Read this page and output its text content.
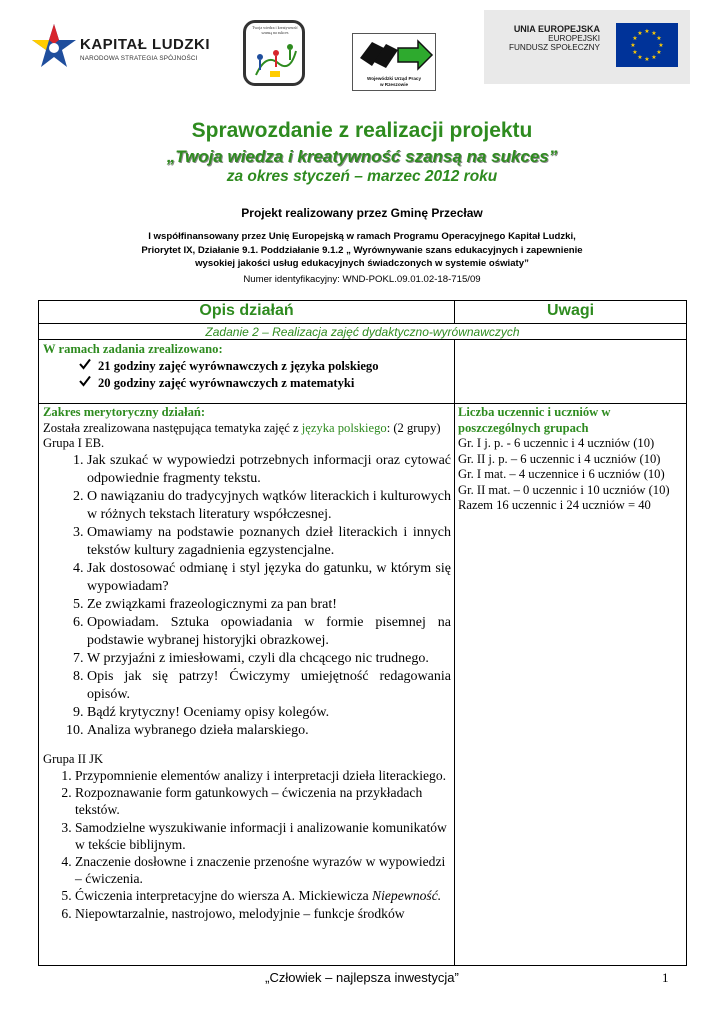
KAPITAŁ LUDZKI
NARODOWA STRATEGIA SPÓJNOŚCI
Twoja wiedza i kreatywność szansą na sukces
Wojewódzki Urząd Pracy
w Rzeszowie
UNIA EUROPEJSKA
EUROPEJSKI
FUNDUSZ SPOŁECZNY
★ ★
★
★
★
★
★
★
★
★
★
★
Sprawozdanie z realizacji projektu
„Twoja wiedza i kreatywność szansą na sukces”
za okres styczeń – marzec 2012 roku
Projekt realizowany przez Gminę Przecław
I współfinansowany przez Unię Europejską w ramach Programu Operacyjnego Kapitał Ludzki,
Priorytet IX, Działanie 9.1. Poddziałanie 9.1.2 „ Wyrównywanie szans edukacyjnych i zapewnienie
wysokiej jakości usług edukacyjnych świadczonych w systemie oświaty”
Numer identyfikacyjny: WND-POKL.09.01.02-18-715/09
Opis działań	Uwagi
Zadanie 2 – Realizacja zajęć dydaktyczno-wyrównawczych
W ramach zadania zrealizowano:
21 godziny zajęć wyrównawczych z języka polskiego
20 godziny zajęć wyrównawczych z matematyki
Zakres merytoryczny działań:
Została zrealizowana następująca tematyka zajęć z języka polskiego: (2 grupy)
Grupa I EB.
1. Jak szukać w wypowiedzi potrzebnych informacji oraz cytować odpowiednie fragmenty tekstu.
2. O nawiązaniu do tradycyjnych wątków literackich i kulturowych w różnych tekstach literatury współczesnej.
3. Omawiamy na podstawie poznanych dzieł literackich i innych tekstów kultury zagadnienia egzystencjalne.
4. Jak dostosować odmianę i styl języka do gatunku, w którym się wypowiadam?
5. Ze związkami frazeologicznymi za pan brat!
6. Opowiadam. Sztuka opowiadania w formie pisemnej na podstawie wybranej historyjki obrazkowej.
7. W przyjaźni z imiesłowami, czyli dla chcącego nic trudnego.
8. Opis jak się patrzy! Ćwiczymy umiejętność redagowania opisów.
9. Bądź krytyczny! Oceniamy opisy kolegów.
10. Analiza wybranego dzieła malarskiego.
Grupa II JK
1. Przypomnienie elementów analizy i interpretacji dzieła literackiego.
2. Rozpoznawanie form gatunkowych – ćwiczenia na przykładach tekstów.
3. Samodzielne wyszukiwanie informacji i analizowanie komunikatów w tekście biblijnym.
4. Znaczenie dosłowne i znaczenie przenośne wyrazów w wypowiedzi – ćwiczenia.
5. Ćwiczenia interpretacyjne do wiersza A. Mickiewicza Niepewność.
6. Niepowtarzalnie, nastrojowo, melodyjnie – funkcje środków
Liczba uczennic i uczniów w
poszczególnych grupach
Gr. I j. p. - 6 uczennic i 4 uczniów (10)
Gr. II j. p. – 6 uczennic i 4 uczniów (10)
Gr. I mat. – 4 uczennice i 6 uczniów (10)
Gr. II mat. – 0 uczennic i 10 uczniów (10)
Razem 16 uczennic i 24 uczniów = 40
„Człowiek – najlepsza inwestycja”	1
